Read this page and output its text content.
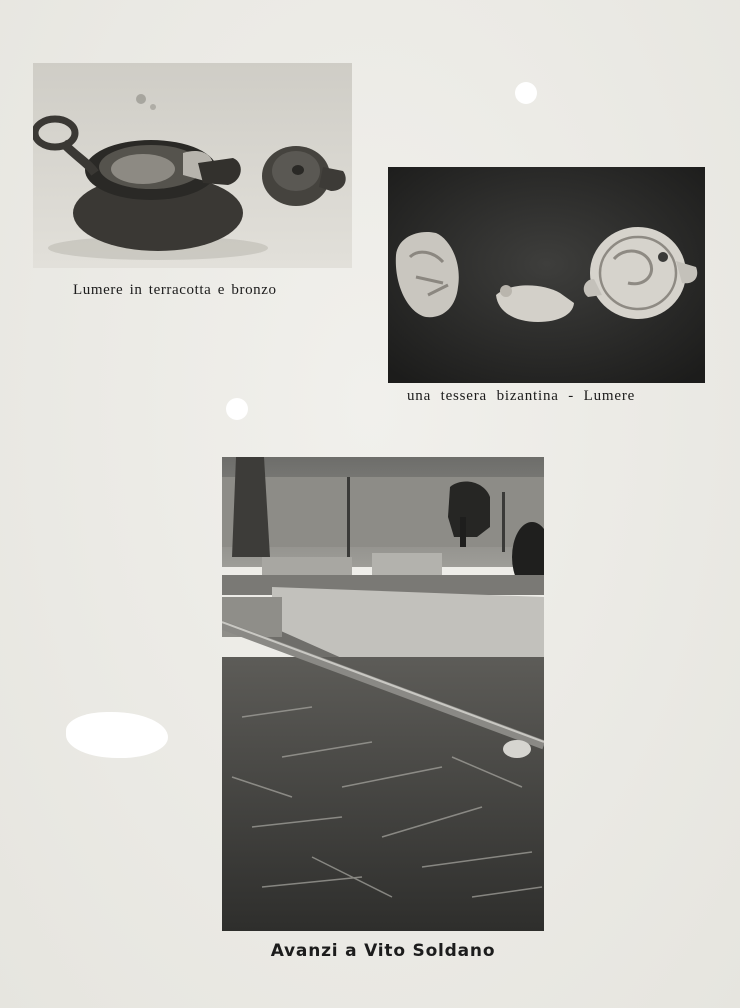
Lumere in terracotta e bronzo
una tessera bizantina - Lumere
Avanzi a Vito Soldano
